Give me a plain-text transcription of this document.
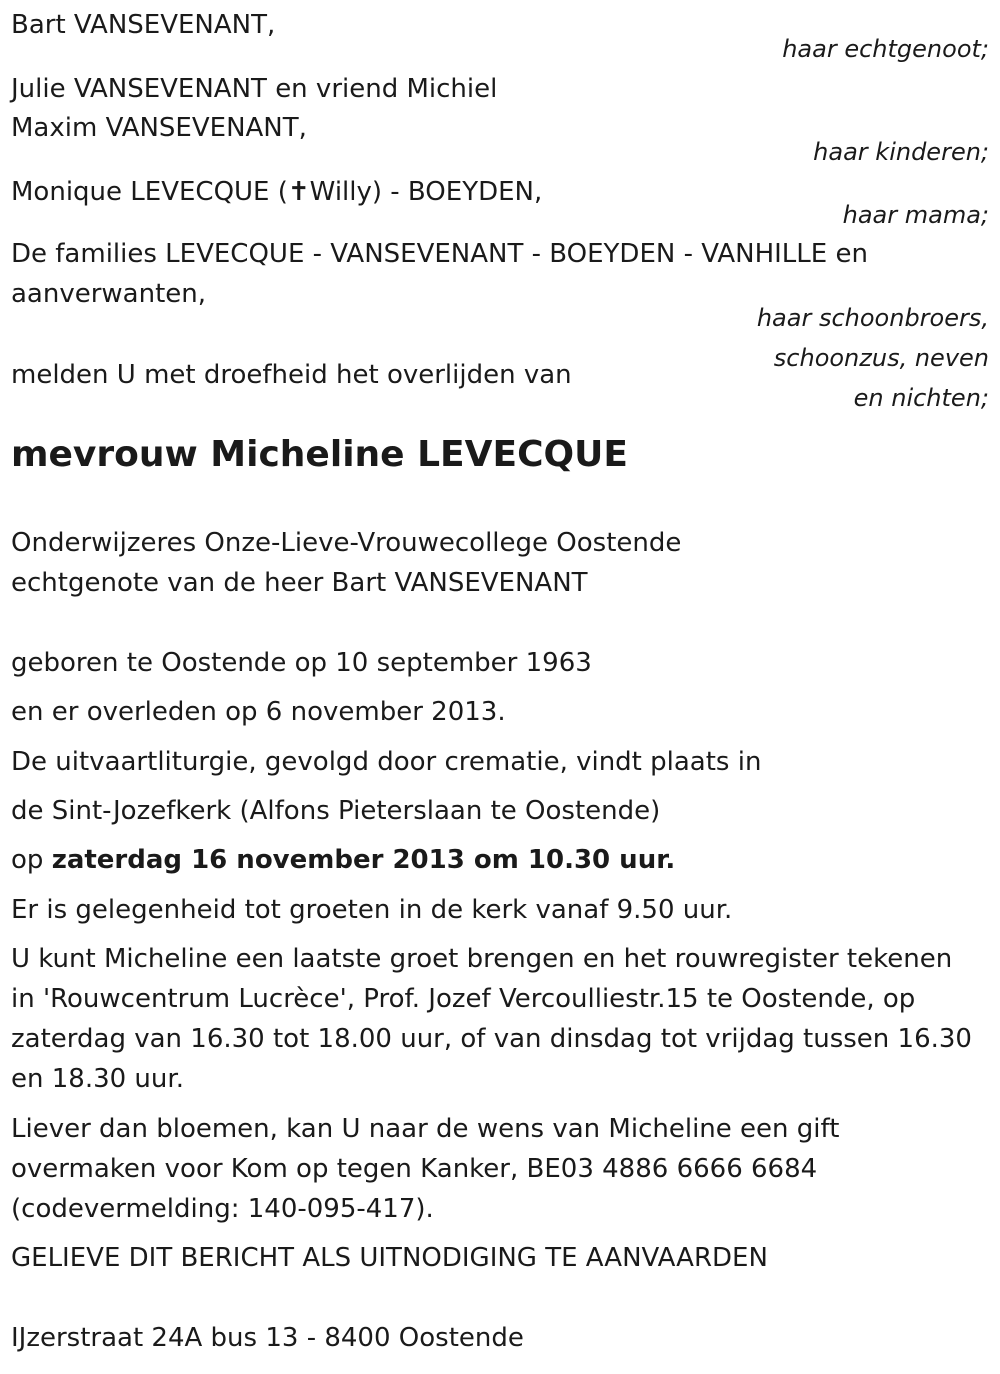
Bart VANSEVENANT,
haar echtgenoot;
Julie VANSEVENANT en vriend Michiel
Maxim VANSEVENANT,
haar kinderen;
Monique LEVECQUE (✝Willy) - BOEYDEN,
haar mama;
De families LEVECQUE - VANSEVENANT - BOEYDEN - VANHILLE en
aanverwanten,
haar schoonbroers,
schoonzus, neven
en nichten;
melden U met droefheid het overlijden van
mevrouw Micheline LEVECQUE
Onderwijzeres Onze-Lieve-Vrouwecollege Oostende
echtgenote van de heer Bart VANSEVENANT
geboren te Oostende op 10 september 1963
en er overleden op 6 november 2013.
De uitvaartliturgie, gevolgd door crematie, vindt plaats in
de Sint-Jozefkerk (Alfons Pieterslaan te Oostende)
op zaterdag 16 november 2013 om 10.30 uur.
Er is gelegenheid tot groeten in de kerk vanaf 9.50 uur.
U kunt Micheline een laatste groet brengen en het rouwregister tekenen
in 'Rouwcentrum Lucrèce', Prof. Jozef Vercoulliestr.15 te Oostende, op
zaterdag van 16.30 tot 18.00 uur, of van dinsdag tot vrijdag tussen 16.30
en 18.30 uur.
Liever dan bloemen, kan U naar de wens van Micheline een gift
overmaken voor Kom op tegen Kanker, BE03 4886 6666 6684
(codevermelding: 140-095-417).
GELIEVE DIT BERICHT ALS UITNODIGING TE AANVAARDEN
IJzerstraat 24A bus 13 - 8400 Oostende
